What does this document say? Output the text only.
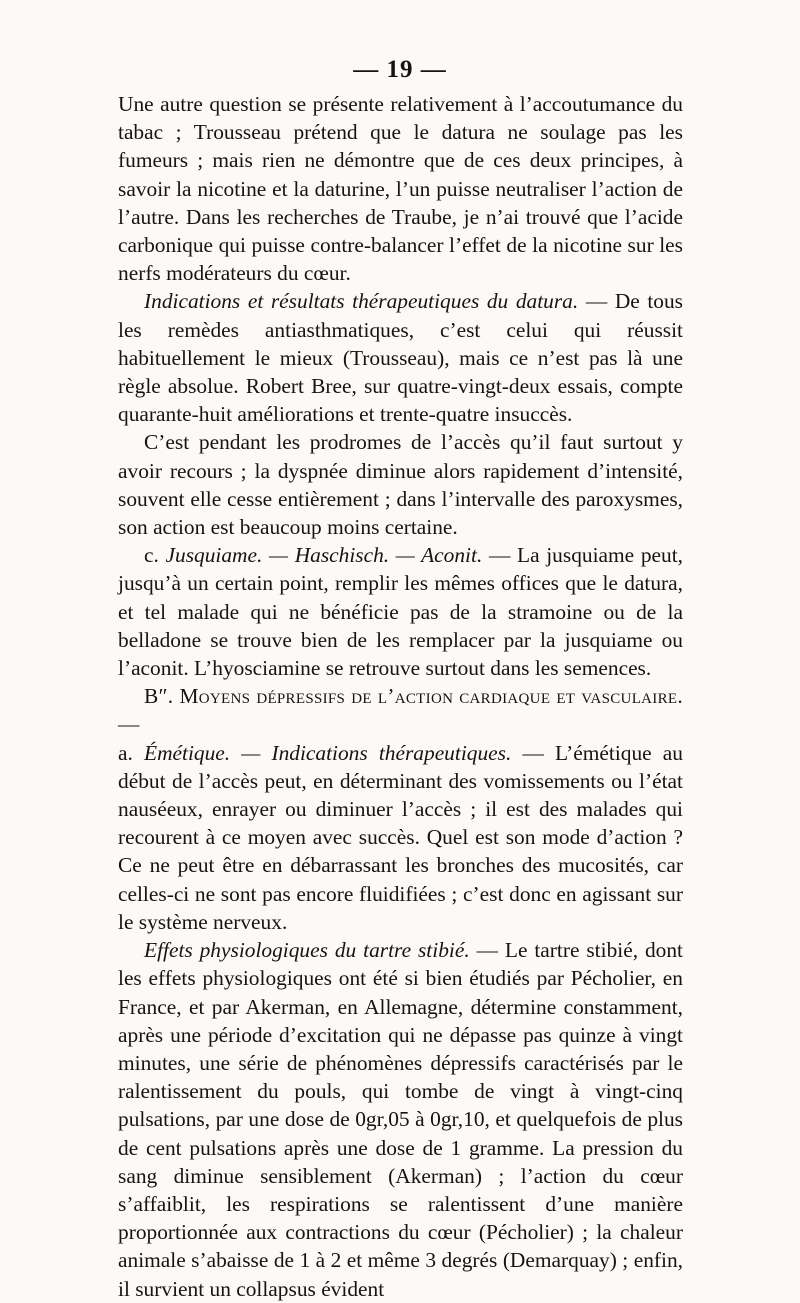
— 19 —

Une autre question se présente relativement à l’accoutumance du tabac ; Trousseau prétend que le datura ne soulage pas les fumeurs ; mais rien ne démontre que de ces deux principes, à savoir la nicotine et la daturine, l’un puisse neutraliser l’action de l’autre. Dans les recherches de Traube, je n’ai trouvé que l’acide carbonique qui puisse contre-balancer l’effet de la nicotine sur les nerfs modérateurs du cœur.

Indications et résultats thérapeutiques du datura. — De tous les remèdes antiasthmatiques, c’est celui qui réussit habituellement le mieux (Trousseau), mais ce n’est pas là une règle absolue. Robert Bree, sur quatre-vingt-deux essais, compte quarante-huit améliorations et trente-quatre insuccès.

C’est pendant les prodromes de l’accès qu’il faut surtout y avoir recours ; la dyspnée diminue alors rapidement d’intensité, souvent elle cesse entièrement ; dans l’intervalle des paroxysmes, son action est beaucoup moins certaine.

c. Jusquiame. — Haschisch. — Aconit. — La jusquiame peut, jusqu’à un certain point, remplir les mêmes offices que le datura, et tel malade qui ne bénéficie pas de la stramoine ou de la belladone se trouve bien de les remplacer par la jusquiame ou l’aconit. L’hyosciamine se retrouve surtout dans les semences.

B″. Moyens dépressifs de l’action cardiaque et vasculaire. —

a. Émétique. — Indications thérapeutiques. — L’émétique au début de l’accès peut, en déterminant des vomissements ou l’état nauséeux, enrayer ou diminuer l’accès ; il est des malades qui recourent à ce moyen avec succès. Quel est son mode d’action ? Ce ne peut être en débarrassant les bronches des mucosités, car celles-ci ne sont pas encore fluidifiées ; c’est donc en agissant sur le système nerveux.

Effets physiologiques du tartre stibié. — Le tartre stibié, dont les effets physiologiques ont été si bien étudiés par Pécholier, en France, et par Akerman, en Allemagne, détermine constamment, après une période d’excitation qui ne dépasse pas quinze à vingt minutes, une série de phénomènes dépressifs caractérisés par le ralentissement du pouls, qui tombe de vingt à vingt-cinq pulsations, par une dose de 0gr,05 à 0gr,10, et quelquefois de plus de cent pulsations après une dose de 1 gramme. La pression du sang diminue sensiblement (Akerman) ; l’action du cœur s’affaiblit, les respirations se ralentissent d’une manière proportionnée aux contractions du cœur (Pécholier) ; la chaleur animale s’abaisse de 1 à 2 et même 3 degrés (Demarquay) ; enfin, il survient un collapsus évident
